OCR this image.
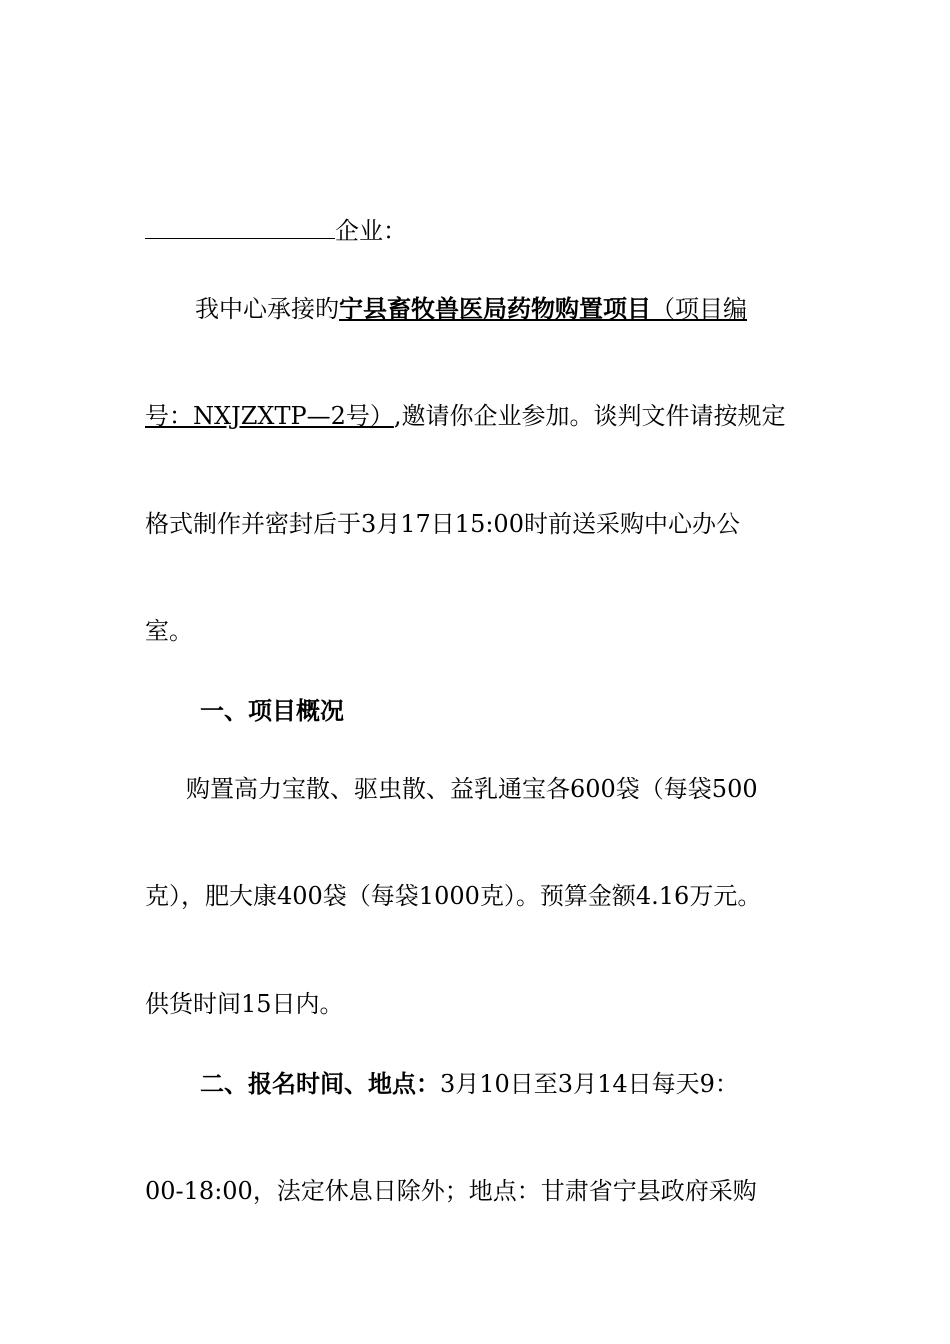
企业：
我中心承接旳宁县畜牧兽医局药物购置项目（项目编
号：NXJZXTP—2号）,邀请你企业参加。谈判文件请按规定
格式制作并密封后于3月17日15:00时前送采购中心办公
室。
一、项目概况
购置高力宝散、驱虫散、益乳通宝各600袋（每袋500
克），肥大康400袋（每袋1000克）。预算金额4.16万元。
供货时间15日内。
二、报名时间、地点：3月10日至3月14日每天9：
00-18:00，法定休息日除外；地点：甘肃省宁县政府采购
